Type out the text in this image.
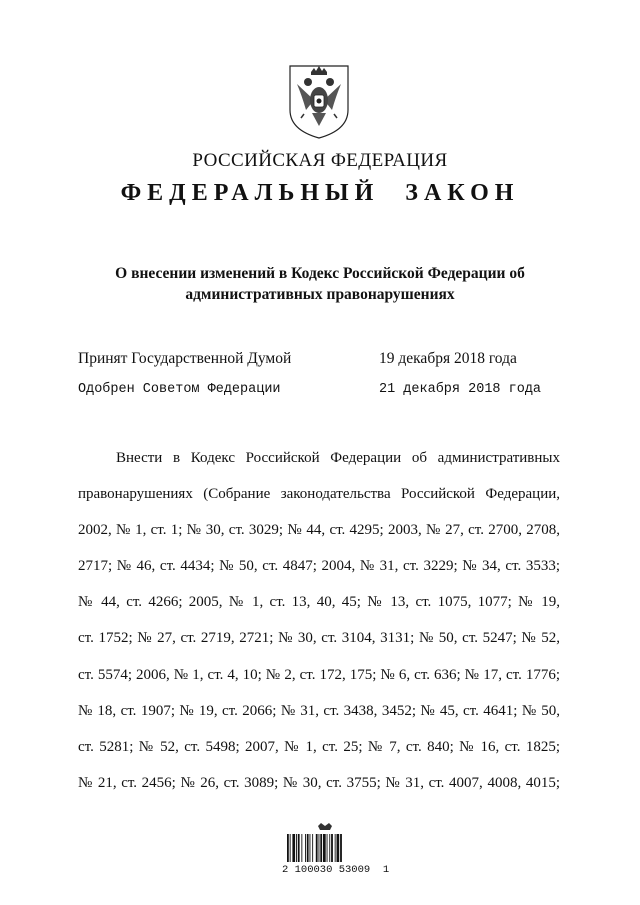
РОССИЙСКАЯ ФЕДЕРАЦИЯ
ФЕДЕРАЛЬНЫЙ ЗАКОН
О внесении изменений в Кодекс Российской Федерации об
административных правонарушениях
Принят Государственной Думой	19 декабря 2018 года
Одобрен Советом Федерации	21 декабря 2018 года
Внести в Кодекс Российской Федерации об административных
правонарушениях (Собрание законодательства Российской Федерации,
2002, № 1, ст. 1; № 30, ст. 3029; № 44, ст. 4295; 2003, № 27, ст. 2700, 2708,
2717; № 46, ст. 4434; № 50, ст. 4847; 2004, № 31, ст. 3229; № 34, ст. 3533;
№ 44, ст. 4266; 2005, № 1, ст. 13, 40, 45; № 13, ст. 1075, 1077; № 19,
ст. 1752; № 27, ст. 2719, 2721; № 30, ст. 3104, 3131; № 50, ст. 5247; № 52,
ст. 5574; 2006, № 1, ст. 4, 10; № 2, ст. 172, 175; № 6, ст. 636; № 17, ст. 1776;
№ 18, ст. 1907; № 19, ст. 2066; № 31, ст. 3438, 3452; № 45, ст. 4641; № 50,
ст. 5281; № 52, ст. 5498; 2007, № 1, ст. 25; № 7, ст. 840; № 16, ст. 1825;
№ 21, ст. 2456; № 26, ст. 3089; № 30, ст. 3755; № 31, ст. 4007, 4008, 4015;
2 100030 53009  1
